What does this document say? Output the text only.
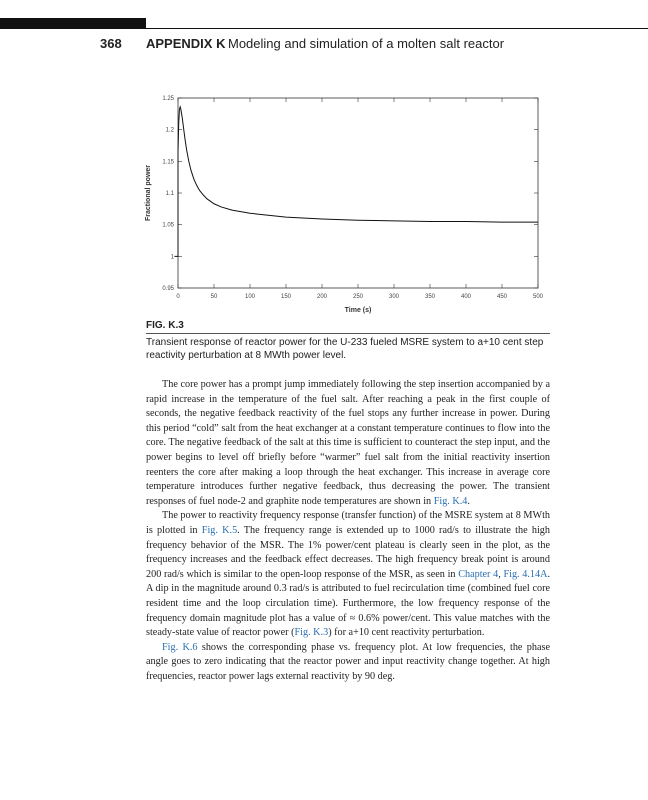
368 APPENDIX K Modeling and simulation of a molten salt reactor
0.95
1
1.05
1.1
1.15
1.2
1.25
0	50	100	150	200	250	300	350	400	450	500
Time (s)
Fractional power
FIG. K.3
Transient response of reactor power for the U-233 fueled MSRE system to a+10 cent step reactivity perturbation at 8 MWth power level.

The core power has a prompt jump immediately following the step insertion accompanied by a rapid increase in the temperature of the fuel salt. After reaching a peak in the first couple of seconds, the negative feedback reactivity of the fuel stops any further increase in power. During this period “cold” salt from the heat exchanger at a constant temperature continues to flow into the core. The negative feedback of the salt at this time is sufficient to counteract the step input, and the power begins to level off briefly before “warmer” fuel salt from the initial reactivity insertion reenters the core after making a loop through the heat exchanger. This increase in average core temperature introduces further negative feedback, thus decreasing the power. The transient responses of fuel node-2 and graphite node temperatures are shown in Fig. K.4.

The power to reactivity frequency response (transfer function) of the MSRE system at 8 MWth is plotted in Fig. K.5. The frequency range is extended up to 1000 rad/s to illustrate the high frequency behavior of the MSR. The 1% power/cent plateau is clearly seen in the plot, as the frequency increases and the feedback effect decreases. The high frequency break point is around 200 rad/s which is similar to the open-loop response of the MSR, as seen in Chapter 4, Fig. 4.14A. A dip in the magnitude around 0.3 rad/s is attributed to fuel recirculation time (combined fuel core resident time and the loop circulation time). Furthermore, the low frequency response of the frequency domain magnitude plot has a value of ≈ 0.6% power/cent. This value matches with the steady-state value of reactor power (Fig. K.3) for a+10 cent reactivity perturbation.

Fig. K.6 shows the corresponding phase vs. frequency plot. At low frequencies, the phase angle goes to zero indicating that the reactor power and input reactivity change together. At high frequencies, reactor power lags external reactivity by 90 deg.
